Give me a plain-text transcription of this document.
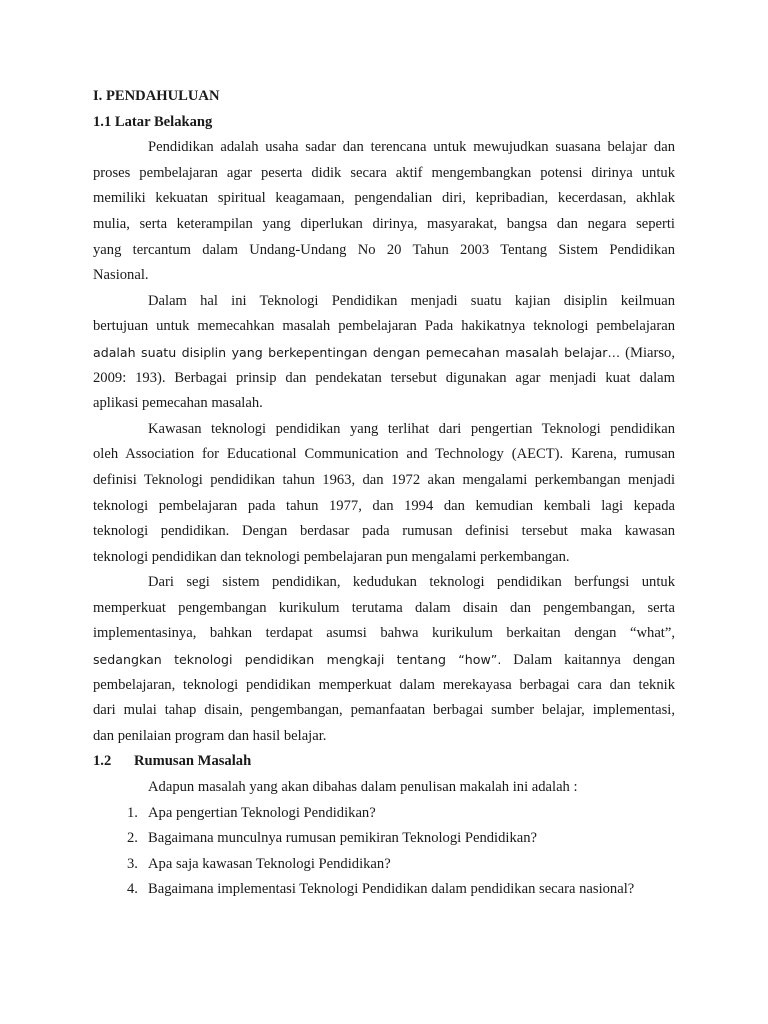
I. PENDAHULUAN
1.1 Latar Belakang
Pendidikan adalah usaha sadar dan terencana untuk mewujudkan suasana belajar dan
proses pembelajaran agar peserta didik secara aktif mengembangkan potensi dirinya untuk
memiliki kekuatan spiritual keagamaan, pengendalian diri, kepribadian, kecerdasan, akhlak
mulia, serta keterampilan yang diperlukan dirinya, masyarakat, bangsa dan negara seperti
yang tercantum dalam Undang-Undang No 20 Tahun 2003 Tentang Sistem Pendidikan
Nasional.
Dalam hal ini Teknologi Pendidikan menjadi suatu kajian disiplin keilmuan
bertujuan untuk memecahkan masalah pembelajaran Pada hakikatnya teknologi pembelajaran
adalah suatu disiplin yang berkepentingan dengan pemecahan masalah belajar… (Miarso,
2009: 193). Berbagai prinsip dan pendekatan tersebut digunakan agar menjadi kuat dalam
aplikasi pemecahan masalah.
Kawasan teknologi pendidikan yang terlihat dari pengertian Teknologi pendidikan
oleh Association for Educational Communication and Technology (AECT). Karena, rumusan
definisi Teknologi pendidikan tahun 1963, dan 1972 akan mengalami perkembangan menjadi
teknologi pembelajaran pada tahun 1977, dan 1994 dan kemudian kembali lagi kepada
teknologi pendidikan. Dengan berdasar pada rumusan definisi tersebut maka kawasan
teknologi pendidikan dan teknologi pembelajaran pun mengalami perkembangan.
Dari segi sistem pendidikan, kedudukan teknologi pendidikan berfungsi untuk
memperkuat pengembangan kurikulum terutama dalam disain dan pengembangan, serta
implementasinya, bahkan terdapat asumsi bahwa kurikulum berkaitan dengan “what”,
sedangkan teknologi pendidikan mengkaji tentang “how”. Dalam kaitannya dengan
pembelajaran, teknologi pendidikan memperkuat dalam merekayasa berbagai cara dan teknik
dari mulai tahap disain, pengembangan, pemanfaatan berbagai sumber belajar, implementasi,
dan penilaian program dan hasil belajar.
1.2 Rumusan Masalah
Adapun masalah yang akan dibahas dalam penulisan makalah ini adalah :
1. Apa pengertian Teknologi Pendidikan?
2. Bagaimana munculnya rumusan pemikiran Teknologi Pendidikan?
3. Apa saja kawasan Teknologi Pendidikan?
4. Bagaimana implementasi Teknologi Pendidikan dalam pendidikan secara nasional?
